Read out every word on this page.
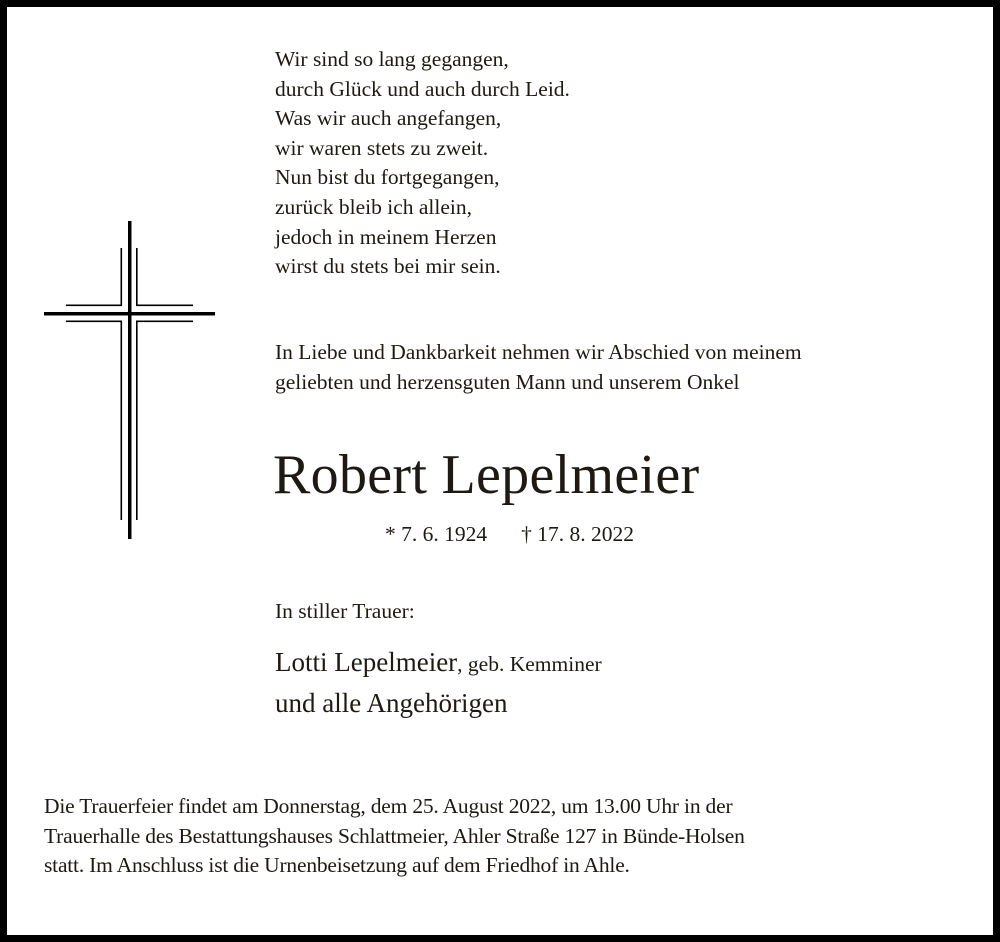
Wir sind so lang gegangen,
durch Glück und auch durch Leid.
Was wir auch angefangen,
wir waren stets zu zweit.
Nun bist du fortgegangen,
zurück bleib ich allein,
jedoch in meinem Herzen
wirst du stets bei mir sein.
In Liebe und Dankbarkeit nehmen wir Abschied von meinem
geliebten und herzensguten Mann und unserem Onkel
Robert Lepelmeier
* 7. 6. 1924 † 17. 8. 2022
In stiller Trauer:
Lotti Lepelmeier, geb. Kemminer
und alle Angehörigen
Die Trauerfeier findet am Donnerstag, dem 25. August 2022, um 13.00 Uhr in der
Trauerhalle des Bestattungshauses Schlattmeier, Ahler Straße 127 in Bünde-Holsen
statt. Im Anschluss ist die Urnenbeisetzung auf dem Friedhof in Ahle.
